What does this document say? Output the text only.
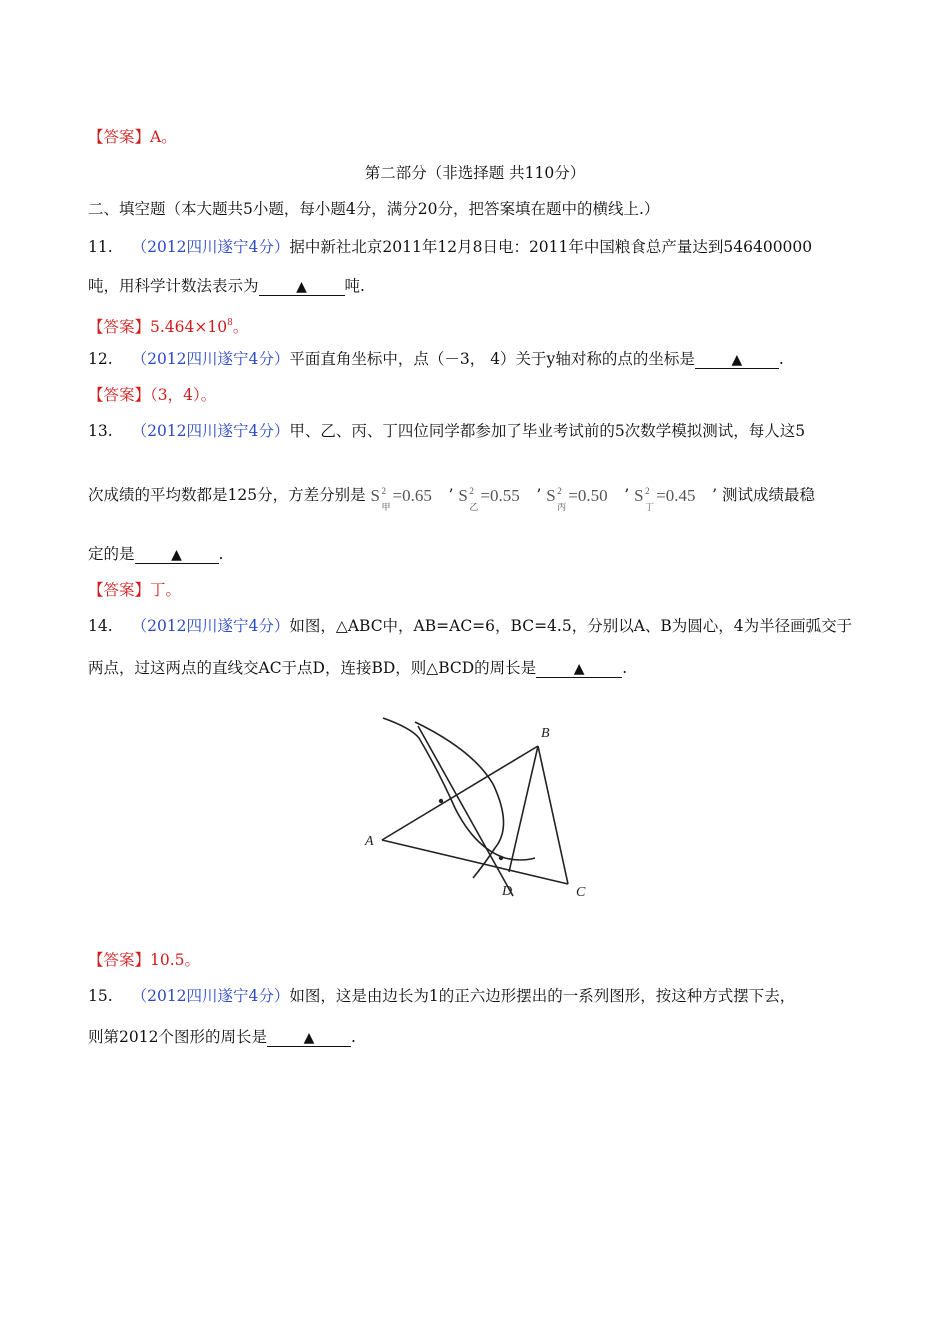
【答案】A。
第二部分（非选择题 共110分）
二、填空题（本大题共5小题，每小题4分，满分20分，把答案填在题中的横线上.）
11. （2012四川遂宁4分）据中新社北京2011年12月8日电：2011年中国粮食总产量达到546400000
吨，用科学计数法表示为	▲ 吨.
【答案】$5.464\times 10^8$。
12. （2012四川遂宁4分）平面直角坐标中，点（－3， 4）关于y轴对称的点的坐标是	▲ .
【答案】（3，4）。
13. （2012四川遂宁4分）甲、乙、丙、丁四位同学都参加了毕业考试前的5次数学模拟测试，每人这5
次成绩的平均数都是125分，方差分别是 S 2
甲
=0.65 ’ S 2
乙
=0.55 ’ S 2
丙
=0.50 ’ S 2
丁
=0.45 ’ 测试成绩最稳
定的是	▲ .
【答案】丁。
14. （2012四川遂宁4分）如图，△ABC中，AB=AC=6，BC=4.5，分别以A、B为圆心，4为半径画弧交于
两点，过这两点的直线交AC于点D，连接BD，则△BCD的周长是	▲ .
A
B
C
D
【答案】10.5。
15. （2012四川遂宁4分）如图，这是由边长为1的正六边形摆出的一系列图形，按这种方式摆下去，
则第2012个图形的周长是	▲ .
